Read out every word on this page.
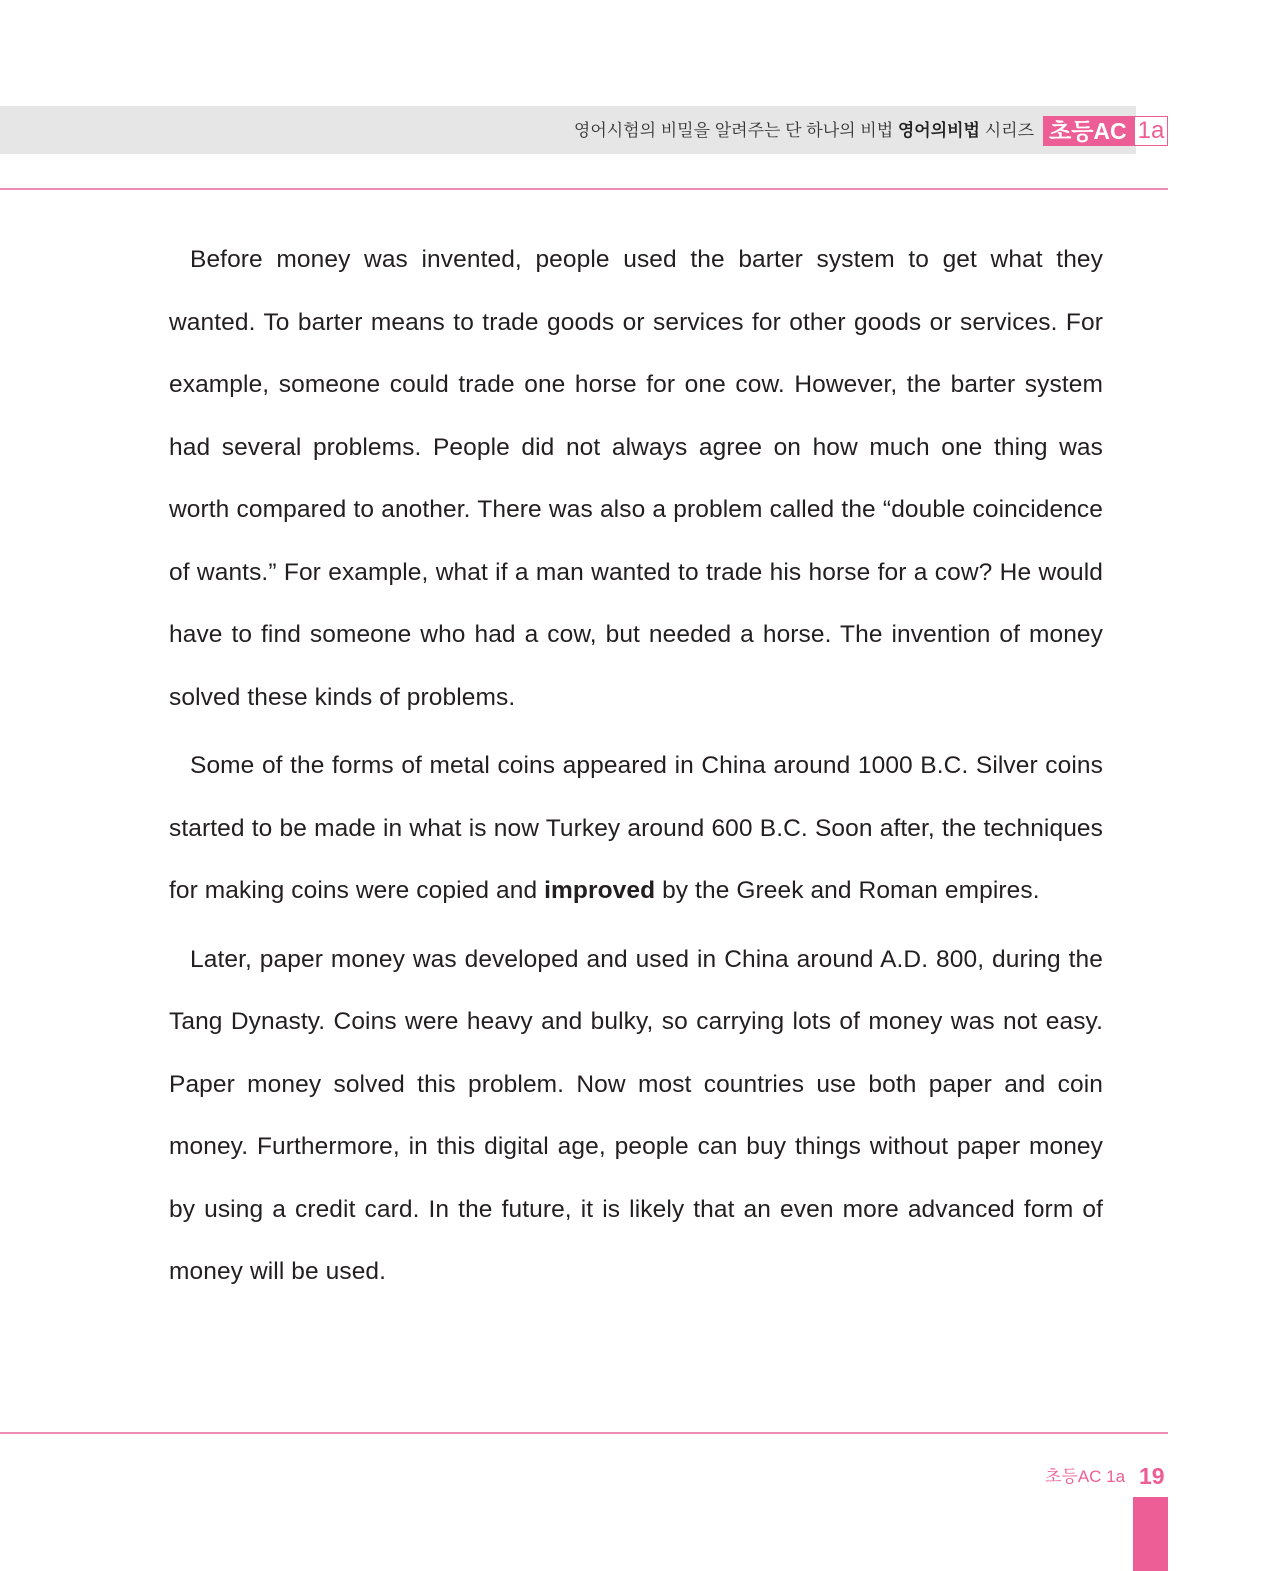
영어시험의 비밀을 알려주는 단 하나의 비법 영어의비법 시리즈 초등AC 1a

Before money was invented, people used the barter system to get what they wanted. To barter means to trade goods or services for other goods or services. For example, someone could trade one horse for one cow. However, the barter system had several problems. People did not always agree on how much one thing was worth compared to another. There was also a problem called the “double coincidence of wants.” For example, what if a man wanted to trade his horse for a cow? He would have to find someone who had a cow, but needed a horse. The invention of money solved these kinds of problems.

Some of the forms of metal coins appeared in China around 1000 B.C. Silver coins started to be made in what is now Turkey around 600 B.C. Soon after, the techniques for making coins were copied and improved by the Greek and Roman empires.

Later, paper money was developed and used in China around A.D. 800, during the Tang Dynasty. Coins were heavy and bulky, so carrying lots of money was not easy. Paper money solved this problem. Now most countries use both paper and coin money. Furthermore, in this digital age, people can buy things without paper money by using a credit card. In the future, it is likely that an even more advanced form of money will be used.

초등AC 1a 19
